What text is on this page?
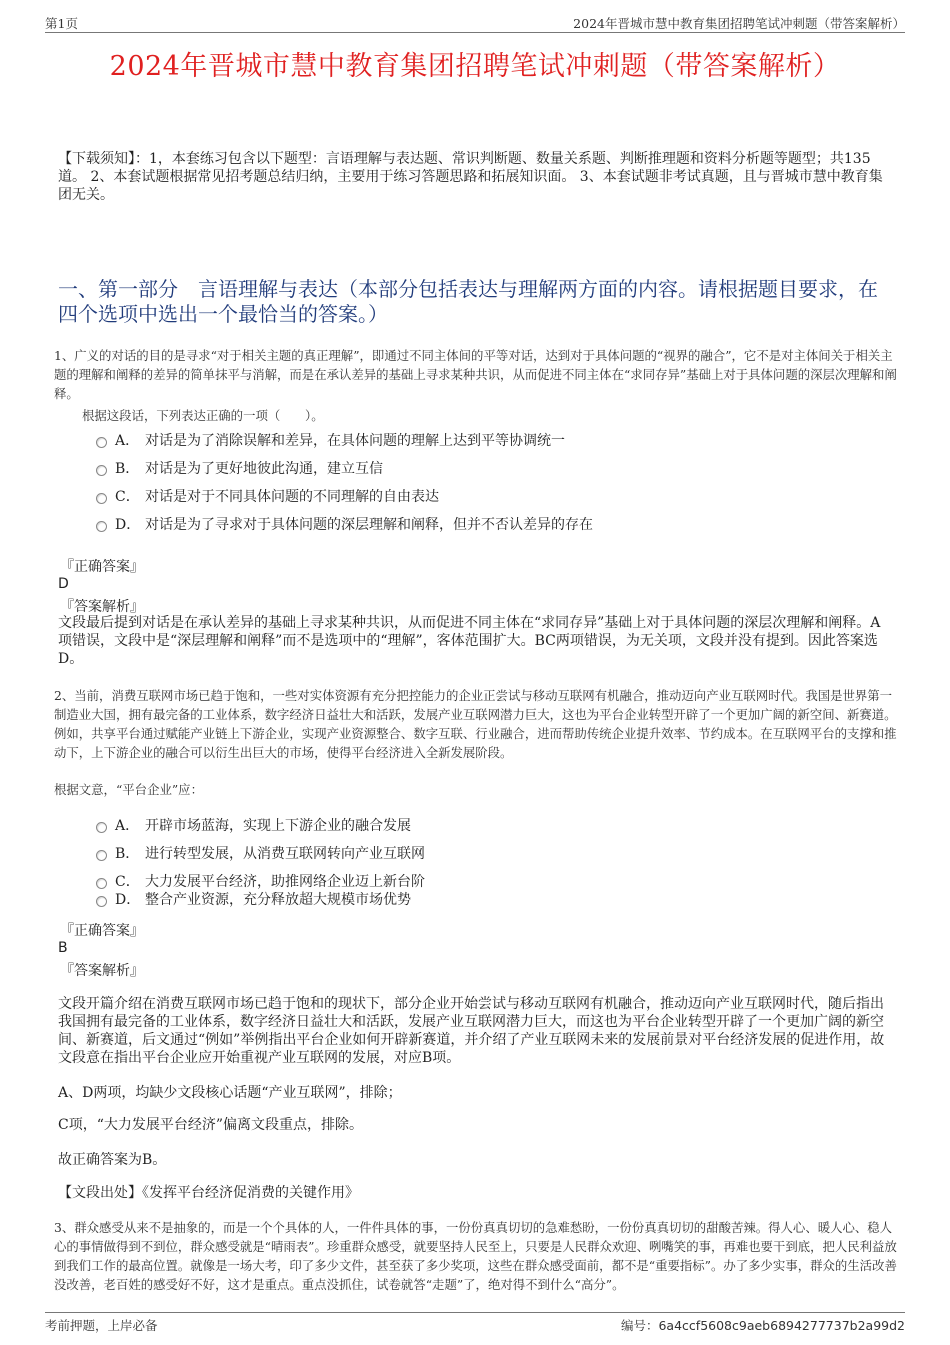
第1页	2024年晋城市慧中教育集团招聘笔试冲刺题（带答案解析）
2024年晋城市慧中教育集团招聘笔试冲刺题（带答案解析）
【下载须知】：1，本套练习包含以下题型：言语理解与表达题、常识判断题、数量关系题、判断推理题和资料分析题等题型；共135道。 2、本套试题根据常见招考题总结归纳，主要用于练习答题思路和拓展知识面。 3、本套试题非考试真题，且与晋城市慧中教育集团无关。
一、第一部分　言语理解与表达（本部分包括表达与理解两方面的内容。请根据题目要求，在四个选项中选出一个最恰当的答案。）
1、广义的对话的目的是寻求“对于相关主题的真正理解”，即通过不同主体间的平等对话，达到对于具体问题的“视界的融合”，它不是对主体间关于相关主题的理解和阐释的差异的简单抹平与消解，而是在承认差异的基础上寻求某种共识，从而促进不同主体在“求同存异”基础上对于具体问题的深层次理解和阐释。
根据这段话，下列表达正确的一项（　　）。
A． 对话是为了消除误解和差异，在具体问题的理解上达到平等协调统一
B． 对话是为了更好地彼此沟通，建立互信
C． 对话是对于不同具体问题的不同理解的自由表达
D． 对话是为了寻求对于具体问题的深层理解和阐释，但并不否认差异的存在
『正确答案』
D
『答案解析』
文段最后提到对话是在承认差异的基础上寻求某种共识，从而促进不同主体在“求同存异”基础上对于具体问题的深层次理解和阐释。A项错误，文段中是“深层理解和阐释”而不是选项中的“理解”，客体范围扩大。BC两项错误，为无关项，文段并没有提到。因此答案选D。
2、当前，消费互联网市场已趋于饱和，一些对实体资源有充分把控能力的企业正尝试与移动互联网有机融合，推动迈向产业互联网时代。我国是世界第一制造业大国，拥有最完备的工业体系，数字经济日益壮大和活跃，发展产业互联网潜力巨大，这也为平台企业转型开辟了一个更加广阔的新空间、新赛道。例如，共享平台通过赋能产业链上下游企业，实现产业资源整合、数字互联、行业融合，进而帮助传统企业提升效率、节约成本。在互联网平台的支撑和推动下，上下游企业的融合可以衍生出巨大的市场，使得平台经济进入全新发展阶段。
根据文意，“平台企业”应：
A． 开辟市场蓝海，实现上下游企业的融合发展
B． 进行转型发展，从消费互联网转向产业互联网
C． 大力发展平台经济，助推网络企业迈上新台阶
D． 整合产业资源，充分释放超大规模市场优势
『正确答案』
B
『答案解析』
文段开篇介绍在消费互联网市场已趋于饱和的现状下，部分企业开始尝试与移动互联网有机融合，推动迈向产业互联网时代，随后指出我国拥有最完备的工业体系，数字经济日益壮大和活跃，发展产业互联网潜力巨大，而这也为平台企业转型开辟了一个更加广阔的新空间、新赛道，后文通过“例如”举例指出平台企业如何开辟新赛道，并介绍了产业互联网未来的发展前景对平台经济发展的促进作用，故文段意在指出平台企业应开始重视产业互联网的发展，对应B项。
A、D两项，均缺少文段核心话题“产业互联网”，排除；
C项，“大力发展平台经济”偏离文段重点，排除。
故正确答案为B。
【文段出处】《发挥平台经济促消费的关键作用》
3、群众感受从来不是抽象的，而是一个个具体的人，一件件具体的事，一份份真真切切的急难愁盼，一份份真真切切的甜酸苦辣。得人心、暖人心、稳人心的事情做得到不到位，群众感受就是“晴雨表”。珍重群众感受，就要坚持人民至上，只要是人民群众欢迎、咧嘴笑的事，再难也要干到底，把人民利益放到我们工作的最高位置。就像是一场大考，印了多少文件，甚至获了多少奖项，这些在群众感受面前，都不是“重要指标”。办了多少实事，群众的生活改善没改善，老百姓的感受好不好，这才是重点。重点没抓住，试卷就答“走题”了，绝对得不到什么“高分”。
考前押题，上岸必备	编号：6a4ccf5608c9aeb6894277737b2a99d2
